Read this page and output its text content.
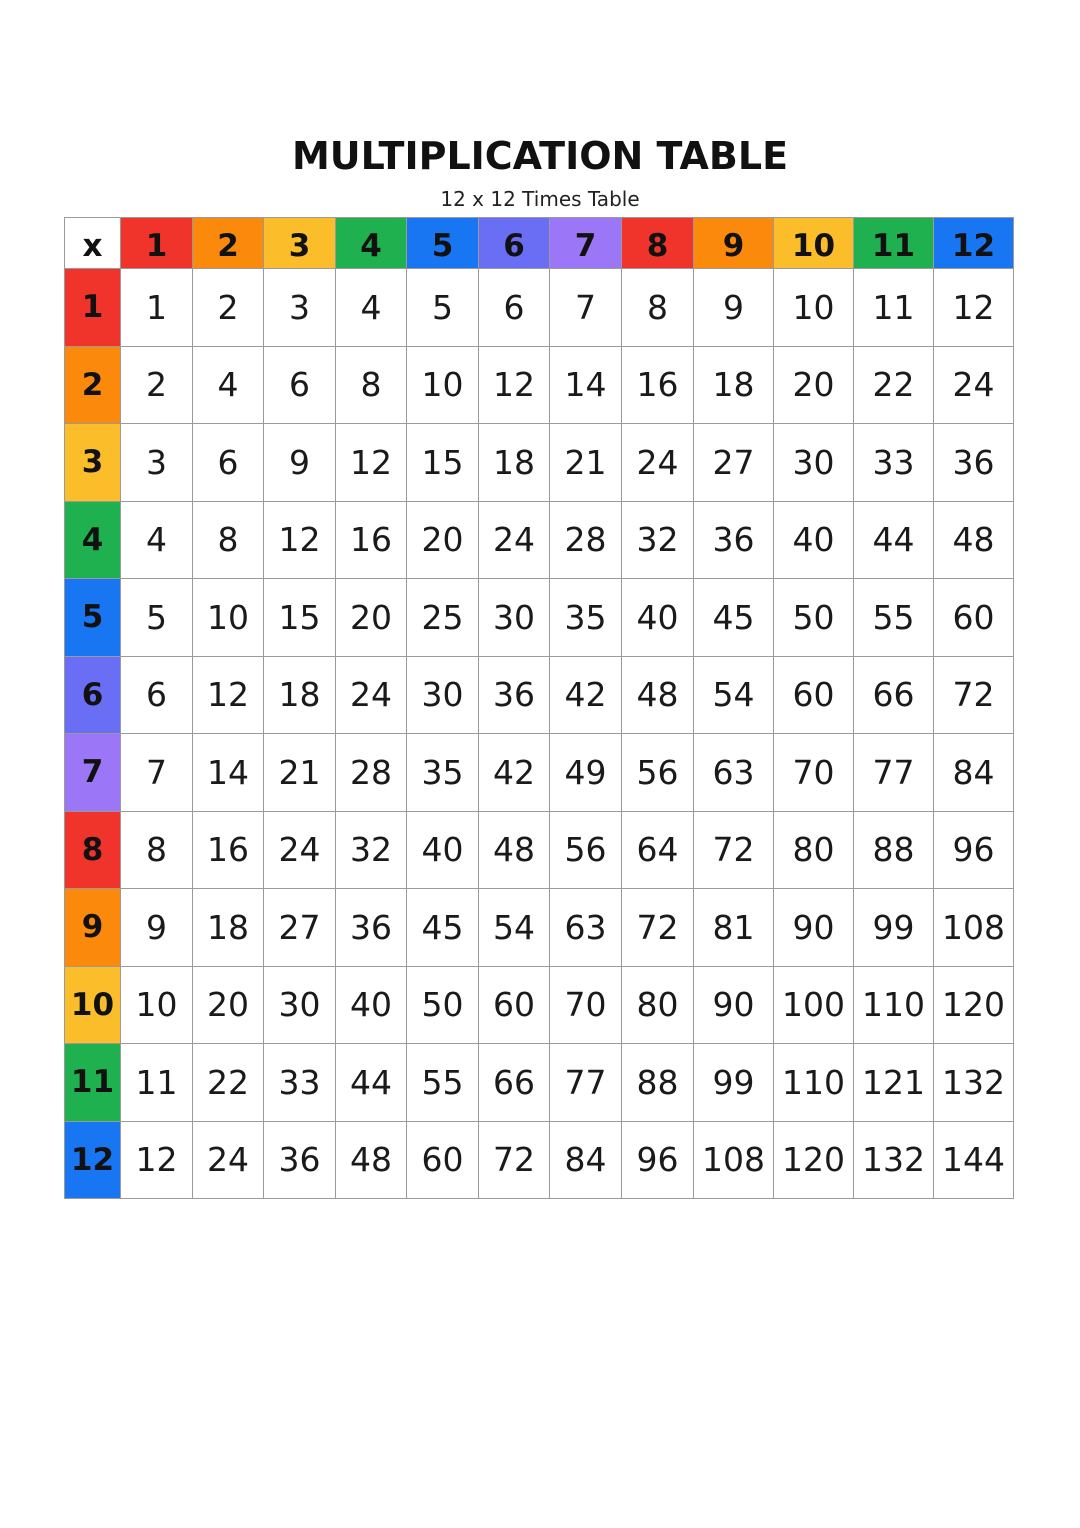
MULTIPLICATION TABLE
12 x 12 Times Table
x	1	2	3	4	5	6	7	8	9	10	11	12
1	1	2	3	4	5	6	7	8	9	10	11	12
2	2	4	6	8	10	12	14	16	18	20	22	24
3	3	6	9	12	15	18	21	24	27	30	33	36
4	4	8	12	16	20	24	28	32	36	40	44	48
5	5	10	15	20	25	30	35	40	45	50	55	60
6	6	12	18	24	30	36	42	48	54	60	66	72
7	7	14	21	28	35	42	49	56	63	70	77	84
8	8	16	24	32	40	48	56	64	72	80	88	96
9	9	18	27	36	45	54	63	72	81	90	99	108
10	10	20	30	40	50	60	70	80	90	100	110	120
11	11	22	33	44	55	66	77	88	99	110	121	132
12	12	24	36	48	60	72	84	96	108	120	132	144
